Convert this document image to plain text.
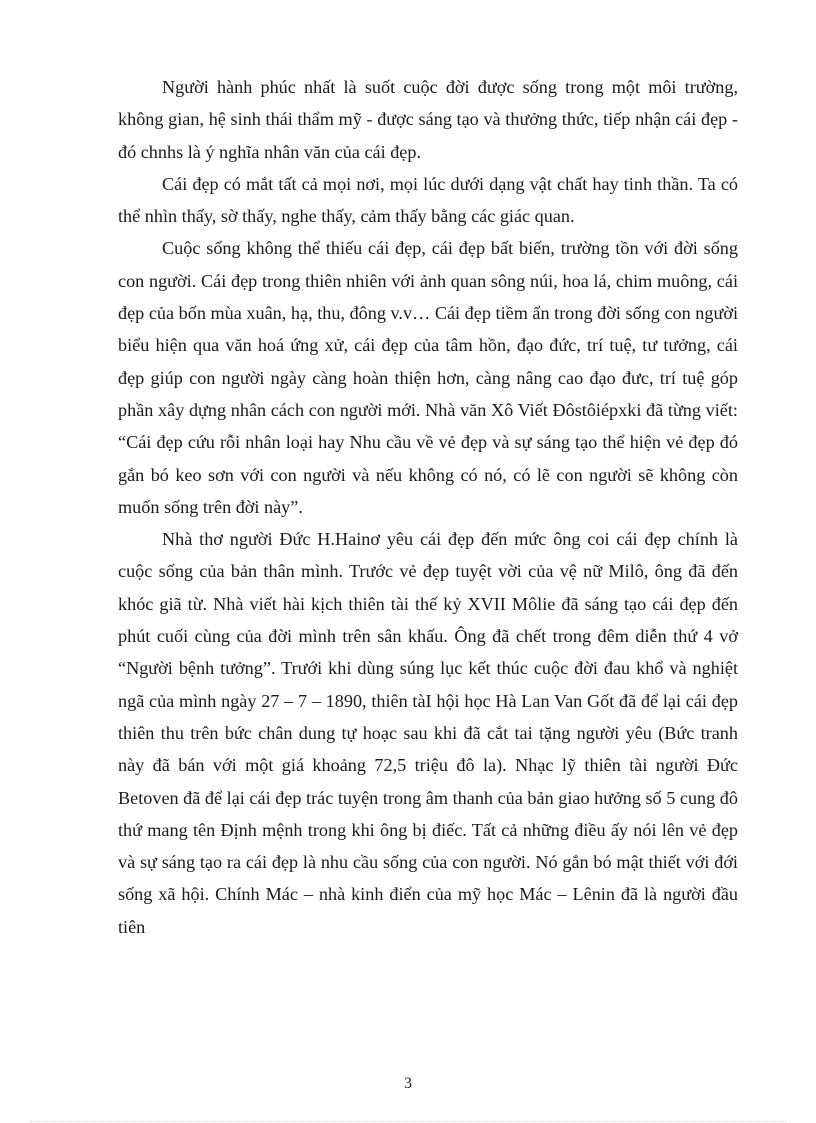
Người hành phúc nhất là suốt cuộc đời được sống trong một môi trường, không gian, hệ sinh thái thẩm mỹ - được sáng tạo và thưởng thức, tiếp nhận cái đẹp - đó chnhs là ý nghĩa nhân văn của cái đẹp.

Cái đẹp có mắt tất cả mọi nơi, mọi lúc dưới dạng vật chất hay tinh thần. Ta có thể nhìn thấy, sờ thấy, nghe thấy, cảm thấy bằng các giác quan.

Cuộc sống không thể thiếu cái đẹp, cái đẹp bất biến, trường tồn với đời sống con người. Cái đẹp trong thiên nhiên với ảnh quan sông núi, hoa lá, chim muông, cái đẹp của bốn mùa xuân, hạ, thu, đông v.v… Cái đẹp tiềm ẩn trong đời sống con người biểu hiện qua văn hoá ứng xử, cái đẹp của tâm hồn, đạo đức, trí tuệ, tư tưởng, cái đẹp giúp con người ngày càng hoàn thiện hơn, càng nâng cao đạo đưc, trí tuệ góp phần xây dựng nhân cách con người mới. Nhà văn Xô Viết Đôstôiépxki đã từng viết: “Cái đẹp cứu rỗi nhân loại hay Nhu cầu về vẻ đẹp và sự sáng tạo thể hiện vẻ đẹp đó gắn bó keo sơn với con người và nếu không có nó, có lẽ con người sẽ không còn muốn sống trên đời này”.

Nhà thơ người Đức H.Hainơ yêu cái đẹp đến mức ông coi cái đẹp chính là cuộc sống của bản thân mình. Trước vẻ đẹp tuyệt vời của vệ nữ Milô, ông đã đến khóc giã từ. Nhà viết hài kịch thiên tài thế kỷ XVII Môlie đã sáng tạo cái đẹp đến phút cuối cùng của đời mình trên sân khấu. Ông đã chết trong đêm diễn thứ 4 vở “Người bệnh tưởng”. Trưới khi dùng súng lục kết thúc cuộc đời đau khổ và nghiệt ngã của mình ngày 27 – 7 – 1890, thiên tàI hội học Hà Lan Van Gốt đã để lại cái đẹp thiên thu trên bức chân dung tự hoạc sau khi đã cắt tai tặng người yêu (Bức tranh này đã bán với một giá khoảng 72,5 triệu đô la). Nhạc lỹ thiên tài người Đức Betoven đã để lại cái đẹp trác tuyện trong âm thanh của bản giao hưởng số 5 cung đô thứ mang tên Định mệnh trong khi ông bị điếc. Tất cả những điều ấy nói lên vẻ đẹp và sự sáng tạo ra cái đẹp là nhu cầu sống của con người. Nó gắn bó mật thiết với đới sống xã hội. Chính Mác – nhà kinh điển của mỹ học Mác – Lênin đã là người đầu tiên

3
